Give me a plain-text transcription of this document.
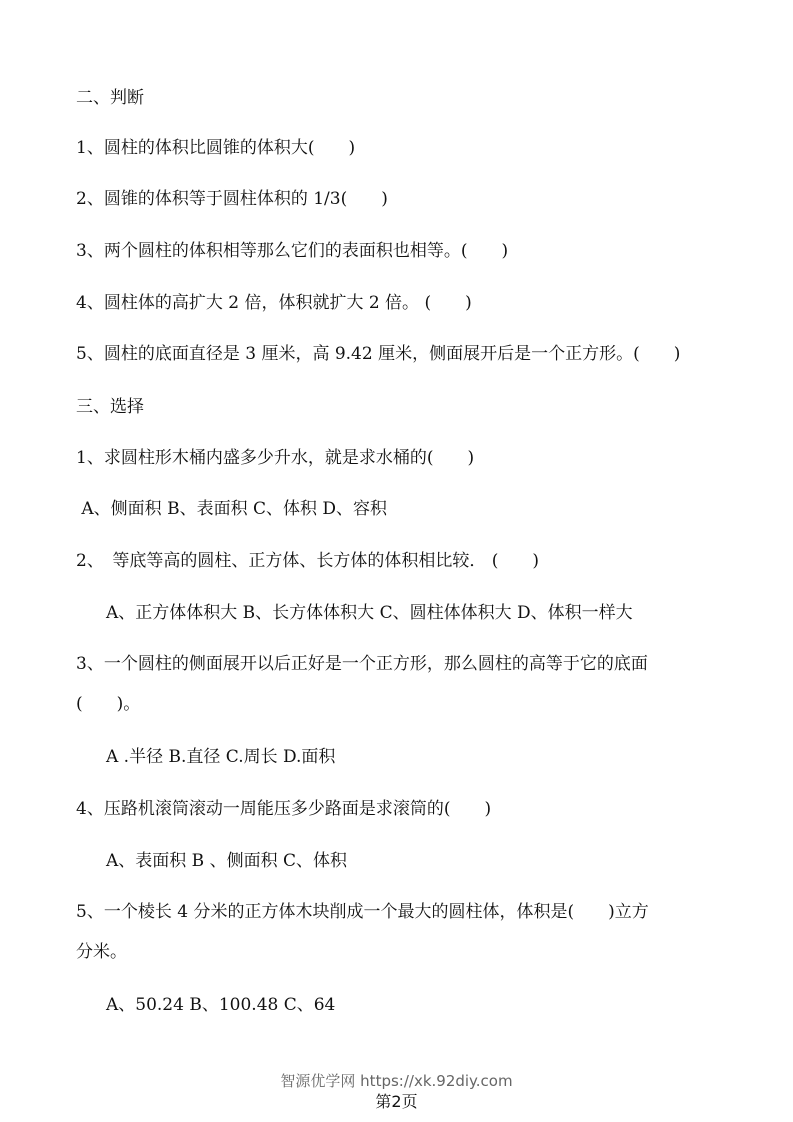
二、判断
1、圆柱的体积比圆锥的体积大(　　)
2、圆锥的体积等于圆柱体积的 1/3(　　)
3、两个圆柱的体积相等那么它们的表面积也相等。(　　)
4、圆柱体的高扩大 2 倍，体积就扩大 2 倍。 (　　)
5、圆柱的底面直径是 3 厘米，高 9.42 厘米，侧面展开后是一个正方形。(　　)
三、选择
1、求圆柱形木桶内盛多少升水，就是求水桶的(　　)
A、侧面积 B、表面积 C、体积 D、容积
2、　等底等高的圆柱、正方体、长方体的体积相比较． (　　)
A、正方体体积大 B、长方体体积大 C、圆柱体体积大 D、体积一样大
3、一个圆柱的侧面展开以后正好是一个正方形，那么圆柱的高等于它的底面
(　　)。
A .半径 B.直径 C.周长 D.面积
4、压路机滚筒滚动一周能压多少路面是求滚筒的(　　)
A、表面积 B 、侧面积 C、体积
5、一个棱长 4 分米的正方体木块削成一个最大的圆柱体，体积是(　　)立方
分米。
A、50.24 B、100.48 C、64
智源优学网 https://xk.92diy.com
第2页
